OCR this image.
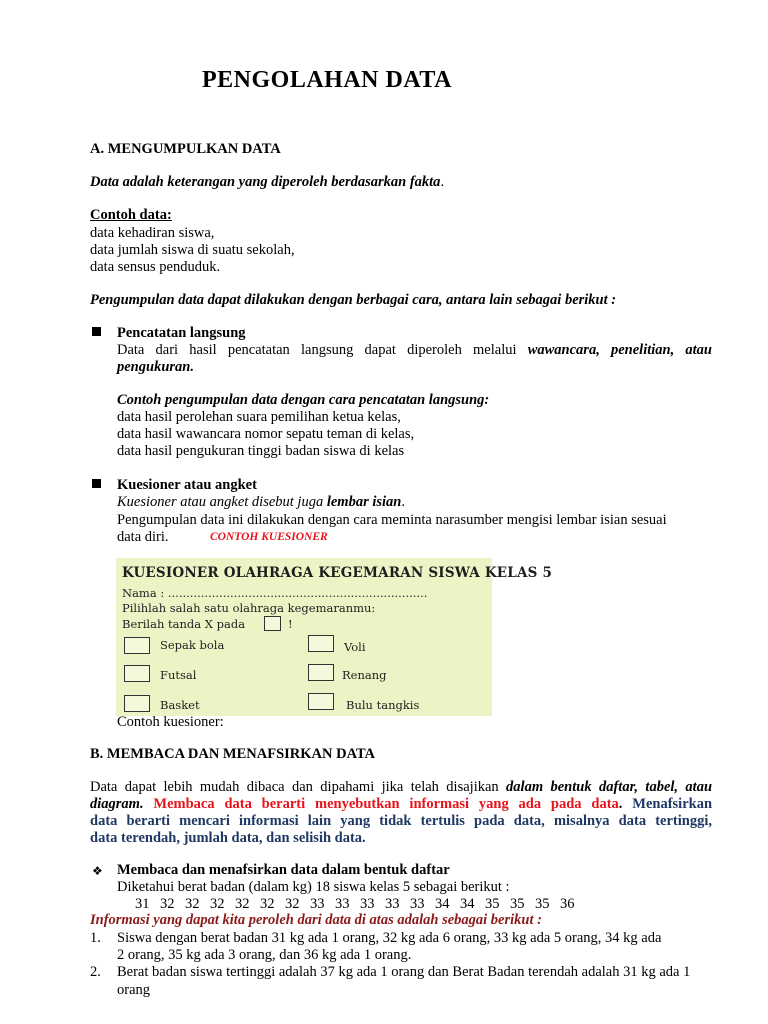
PENGOLAHAN DATA
A. MENGUMPULKAN DATA
Data adalah keterangan yang diperoleh berdasarkan fakta.
Contoh data:
data kehadiran siswa,
data jumlah siswa di suatu sekolah,
data sensus penduduk.
Pengumpulan data dapat dilakukan dengan berbagai cara, antara lain sebagai berikut :
Pencatatan langsung
Data dari hasil pencatatan langsung dapat diperoleh melalui wawancara, penelitian, atau
pengukuran.
Contoh pengumpulan data dengan cara pencatatan langsung:
data hasil perolehan suara pemilihan ketua kelas,
data hasil wawancara nomor sepatu teman di kelas,
data hasil pengukuran tinggi badan siswa di kelas
Kuesioner atau angket
Kuesioner atau angket disebut juga lembar isian.
Pengumpulan data ini dilakukan dengan cara meminta narasumber mengisi lembar isian sesuai
data diri.	CONTOH KUESIONER
KUESIONER OLAHRAGA KEGEMARAN SISWA KELAS 5
Nama : .......................................................................
Pilihlah salah satu olahraga kegemaranmu:
Berilah tanda X pada	!
Sepak bola
Futsal
Basket
Voli
Renang
Bulu tangkis
Contoh kuesioner:
B. MEMBACA DAN MENAFSIRKAN DATA
Data dapat lebih mudah dibaca dan dipahami jika telah disajikan dalam bentuk daftar, tabel, atau
diagram. Membaca data berarti menyebutkan informasi yang ada pada data. Menafsirkan
data berarti mencari informasi lain yang tidak tertulis pada data, misalnya data tertinggi,
data terendah, jumlah data, dan selisih data.
❖ Membaca dan menafsirkan data dalam bentuk daftar
Diketahui berat badan (dalam kg) 18 siswa kelas 5 sebagai berikut :
31 32 32 32 32 32 32 33 33 33 33 33 34 34 35 35 35 36
Informasi yang dapat kita peroleh dari data di atas adalah sebagai berikut :
1. Siswa dengan berat badan 31 kg ada 1 orang, 32 kg ada 6 orang, 33 kg ada 5 orang, 34 kg ada
2 orang, 35 kg ada 3 orang, dan 36 kg ada 1 orang.
2. Berat badan siswa tertinggi adalah 37 kg ada 1 orang dan Berat Badan terendah adalah 31 kg ada 1
orang
